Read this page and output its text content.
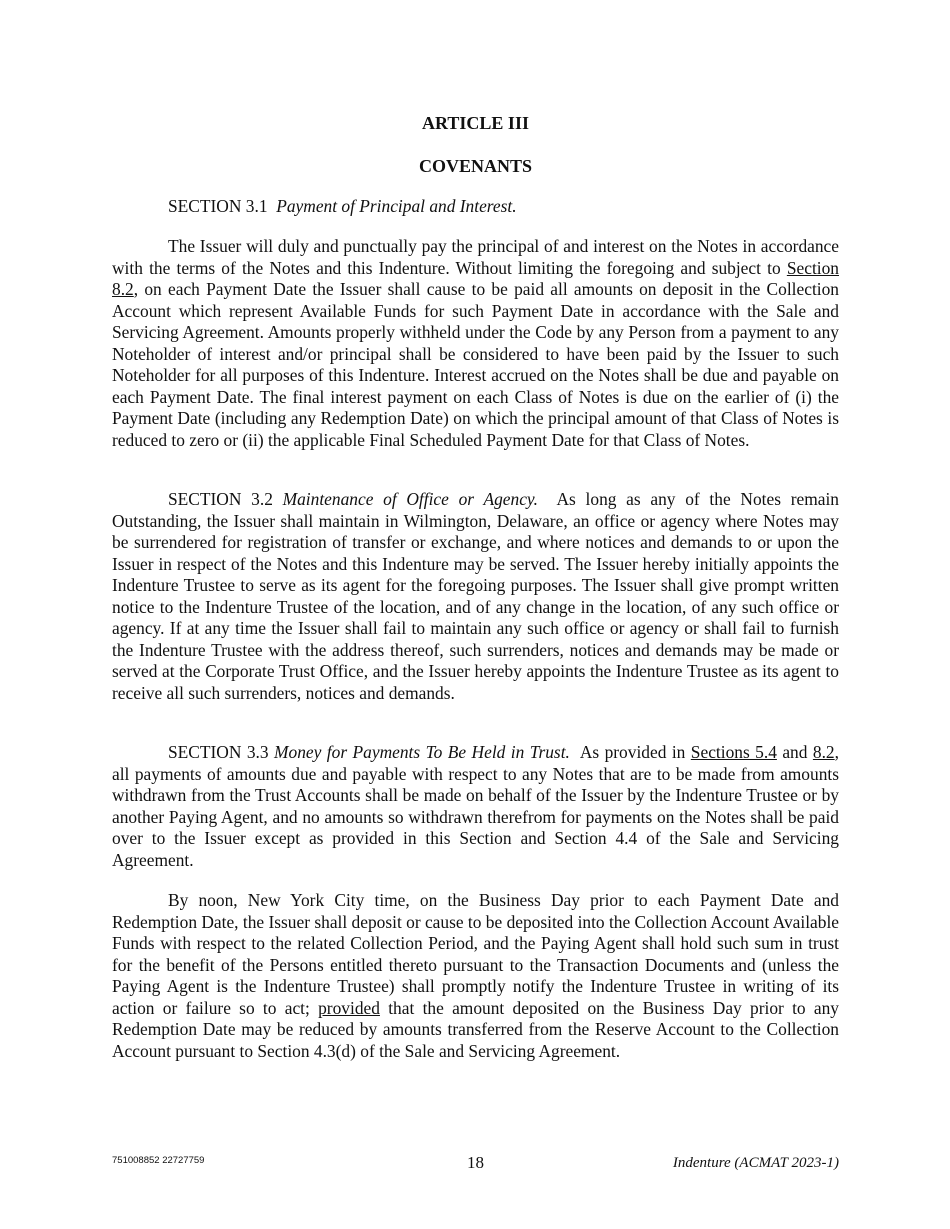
ARTICLE III
COVENANTS

SECTION 3.1 Payment of Principal and Interest.

The Issuer will duly and punctually pay the principal of and interest on the Notes in accordance with the terms of the Notes and this Indenture. Without limiting the foregoing and subject to Section 8.2, on each Payment Date the Issuer shall cause to be paid all amounts on deposit in the Collection Account which represent Available Funds for such Payment Date in accordance with the Sale and Servicing Agreement. Amounts properly withheld under the Code by any Person from a payment to any Noteholder of interest and/or principal shall be considered to have been paid by the Issuer to such Noteholder for all purposes of this Indenture. Interest accrued on the Notes shall be due and payable on each Payment Date. The final interest payment on each Class of Notes is due on the earlier of (i) the Payment Date (including any Redemption Date) on which the principal amount of that Class of Notes is reduced to zero or (ii) the applicable Final Scheduled Payment Date for that Class of Notes.

SECTION 3.2 Maintenance of Office or Agency. As long as any of the Notes remain Outstanding, the Issuer shall maintain in Wilmington, Delaware, an office or agency where Notes may be surrendered for registration of transfer or exchange, and where notices and demands to or upon the Issuer in respect of the Notes and this Indenture may be served. The Issuer hereby initially appoints the Indenture Trustee to serve as its agent for the foregoing purposes. The Issuer shall give prompt written notice to the Indenture Trustee of the location, and of any change in the location, of any such office or agency. If at any time the Issuer shall fail to maintain any such office or agency or shall fail to furnish the Indenture Trustee with the address thereof, such surrenders, notices and demands may be made or served at the Corporate Trust Office, and the Issuer hereby appoints the Indenture Trustee as its agent to receive all such surrenders, notices and demands.

SECTION 3.3 Money for Payments To Be Held in Trust. As provided in Sections 5.4 and 8.2, all payments of amounts due and payable with respect to any Notes that are to be made from amounts withdrawn from the Trust Accounts shall be made on behalf of the Issuer by the Indenture Trustee or by another Paying Agent, and no amounts so withdrawn therefrom for payments on the Notes shall be paid over to the Issuer except as provided in this Section and Section 4.4 of the Sale and Servicing Agreement.

By noon, New York City time, on the Business Day prior to each Payment Date and Redemption Date, the Issuer shall deposit or cause to be deposited into the Collection Account Available Funds with respect to the related Collection Period, and the Paying Agent shall hold such sum in trust for the benefit of the Persons entitled thereto pursuant to the Transaction Documents and (unless the Paying Agent is the Indenture Trustee) shall promptly notify the Indenture Trustee in writing of its action or failure so to act; provided that the amount deposited on the Business Day prior to any Redemption Date may be reduced by amounts transferred from the Reserve Account to the Collection Account pursuant to Section 4.3(d) of the Sale and Servicing Agreement.

751008852 22727759	18	Indenture (ACMAT 2023-1)
